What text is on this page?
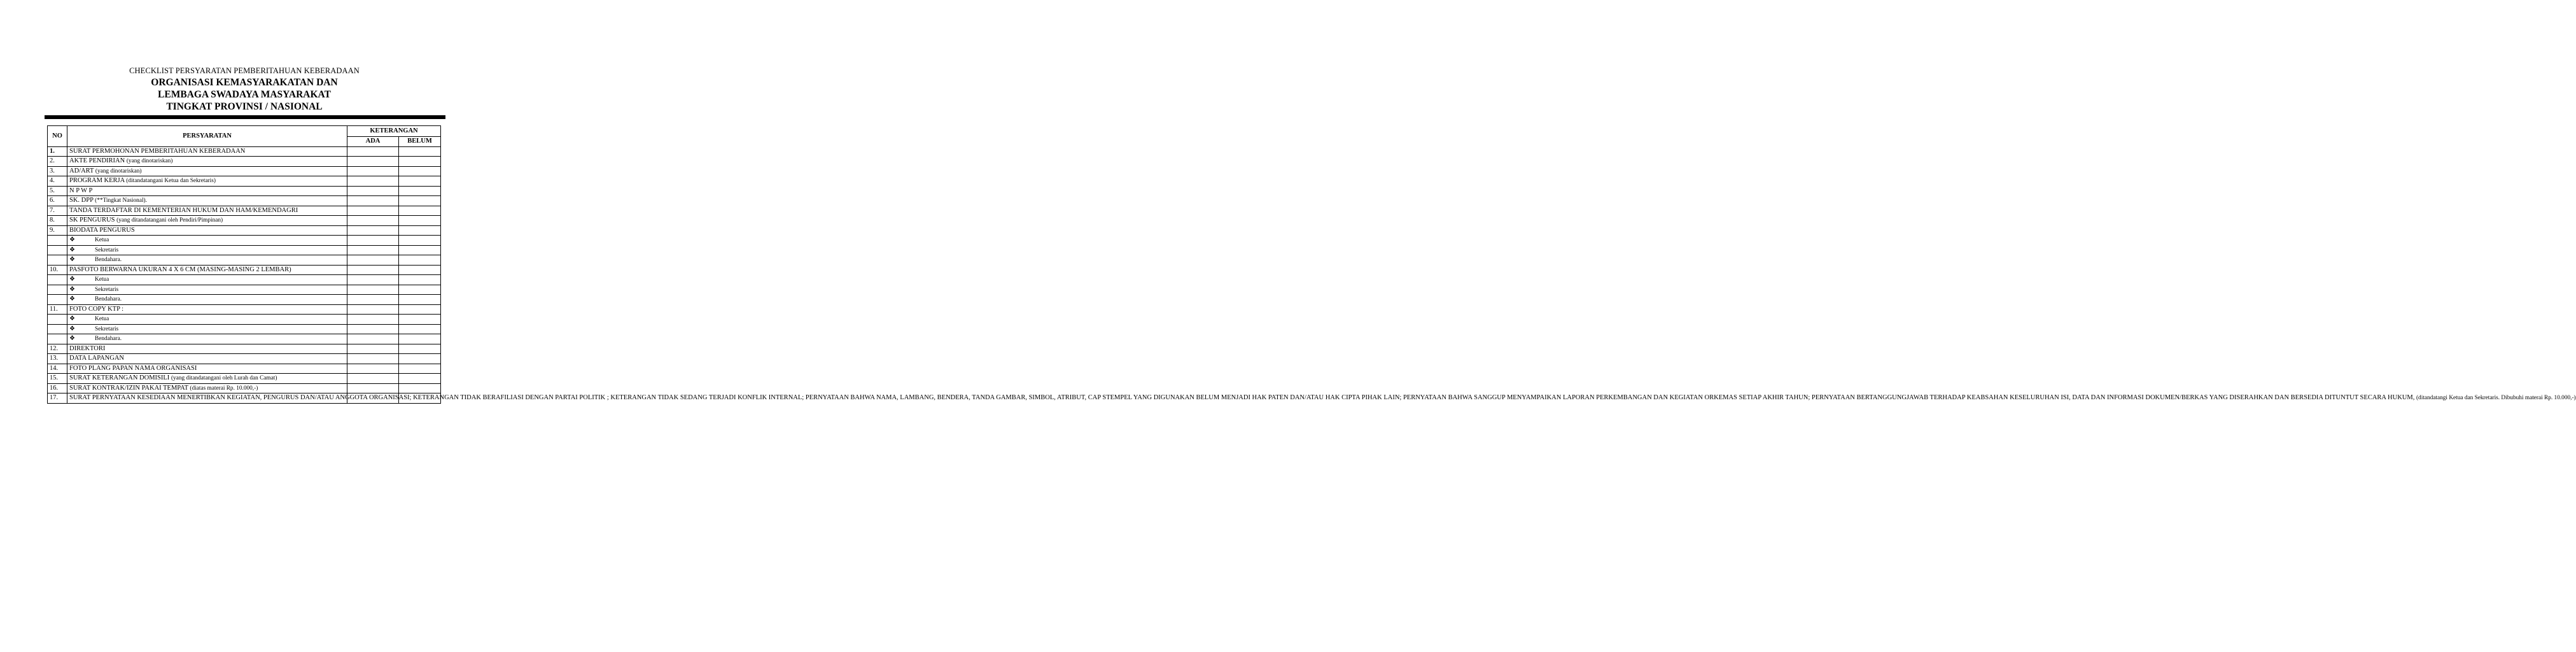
CHECKLIST PERSYARATAN PEMBERITAHUAN KEBERADAAN
ORGANISASI KEMASYARAKATAN DAN
LEMBAGA SWADAYA MASYARAKAT
TINGKAT PROVINSI / NASIONAL
NO	PERSYARATAN	KETERANGAN	
		ADA	BELUM
1.	SURAT PERMOHONAN PEMBERITAHUAN KEBERADAAN		
2.	AKTE PENDIRIAN (yang dinotariskan)		
3.	AD/ART (yang dinotariskan)		
4.	PROGRAM KERJA (ditandatangani Ketua dan Sekretaris)		
5.	N P W P		
6.	SK. DPP (**Tingkat Nasional).		
7.	TANDA TERDAFTAR DI KEMENTERIAN HUKUM DAN HAM/KEMENDAGRI		
8.	SK PENGURUS (yang ditandatangani oleh Pendiri/Pimpinan)		
9.	BIODATA PENGURUS		
	❖ Ketua		
	❖ Sekretaris		
	❖ Bendahara.		
10.	PASFOTO BERWARNA UKURAN 4 X 6 CM (MASING-MASING 2 LEMBAR)		
	❖ Ketua		
	❖ Sekretaris		
	❖ Bendahara.		
11.	FOTO COPY KTP :		
	❖ Ketua		
	❖ Sekretaris		
	❖ Bendahara.		
12.	DIREKTORI		
13.	DATA LAPANGAN		
14.	FOTO PLANG PAPAN NAMA ORGANISASI		
15.	SURAT KETERANGAN DOMISILI (yang ditandatangani oleh Lurah dan Camat)		
16.	SURAT KONTRAK/IZIN PAKAI TEMPAT (diatas materai Rp. 10.000,-)		
17.	SURAT PERNYATAAN KESEDIAAN MENERTIBKAN KEGIATAN, PENGURUS DAN/ATAU ANGGOTA ORGANISASI; KETERANGAN TIDAK BERAFILIASI DENGAN PARTAI POLITIK ; KETERANGAN TIDAK SEDANG TERJADI KONFLIK INTERNAL; PERNYATAAN BAHWA NAMA, LAMBANG, BENDERA, TANDA GAMBAR, SIMBOL, ATRIBUT, CAP STEMPEL YANG DIGUNAKAN BELUM MENJADI HAK PATEN DAN/ATAU HAK CIPTA PIHAK LAIN; PERNYATAAN BAHWA SANGGUP MENYAMPAIKAN LAPORAN PERKEMBANGAN DAN KEGIATAN ORKEMAS SETIAP AKHIR TAHUN; PERNYATAAN BERTANGGUNGJAWAB TERHADAP KEABSAHAN KESELURUHAN ISI, DATA DAN INFORMASI DOKUMEN/BERKAS YANG DISERAHKAN DAN BERSEDIA DITUNTUT SECARA HUKUM, (ditandatangi Ketua dan Sekretaris. Dibubuhi materai Rp. 10.000,-)		
